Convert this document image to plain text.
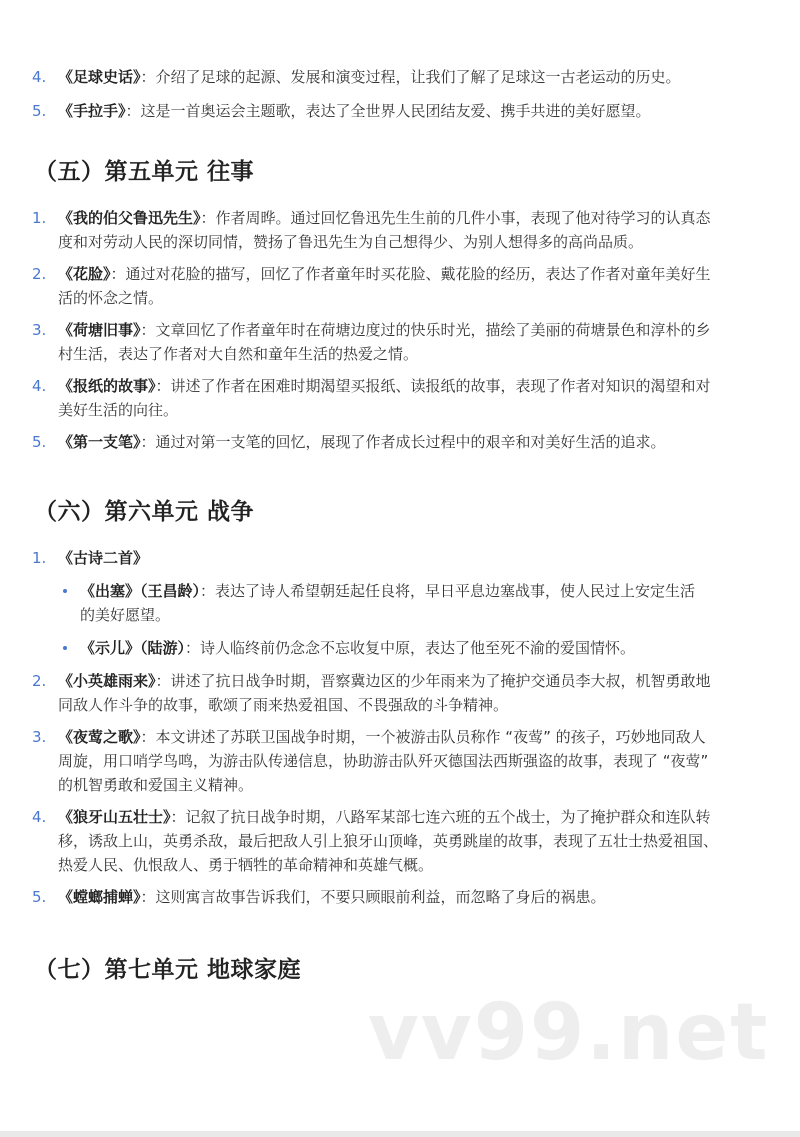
4. 《足球史话》：介绍了足球的起源、发展和演变过程，让我们了解了足球这一古老运动的历史。
5. 《手拉手》：这是一首奥运会主题歌，表达了全世界人民团结友爱、携手共进的美好愿望。
（五）第五单元 往事
1. 《我的伯父鲁迅先生》：作者周晔。通过回忆鲁迅先生生前的几件小事，表现了他对待学习的认真态
度和对劳动人民的深切同情，赞扬了鲁迅先生为自己想得少、为别人想得多的高尚品质。
2. 《花脸》：通过对花脸的描写，回忆了作者童年时买花脸、戴花脸的经历，表达了作者对童年美好生
活的怀念之情。
3. 《荷塘旧事》：文章回忆了作者童年时在荷塘边度过的快乐时光，描绘了美丽的荷塘景色和淳朴的乡
村生活，表达了作者对大自然和童年生活的热爱之情。
4. 《报纸的故事》：讲述了作者在困难时期渴望买报纸、读报纸的故事，表现了作者对知识的渴望和对
美好生活的向往。
5. 《第一支笔》：通过对第一支笔的回忆，展现了作者成长过程中的艰辛和对美好生活的追求。
（六）第六单元 战争
1. 《古诗二首》
《出塞》（王昌龄）：表达了诗人希望朝廷起任良将，早日平息边塞战事，使人民过上安定生活
的美好愿望。
《示儿》（陆游）：诗人临终前仍念念不忘收复中原，表达了他至死不渝的爱国情怀。
2. 《小英雄雨来》：讲述了抗日战争时期，晋察冀边区的少年雨来为了掩护交通员李大叔，机智勇敢地
同敌人作斗争的故事，歌颂了雨来热爱祖国、不畏强敌的斗争精神。
3. 《夜莺之歌》：本文讲述了苏联卫国战争时期，一个被游击队员称作 “夜莺” 的孩子，巧妙地同敌人
周旋，用口哨学鸟鸣，为游击队传递信息，协助游击队歼灭德国法西斯强盗的故事，表现了 “夜莺”
的机智勇敢和爱国主义精神。
4. 《狼牙山五壮士》：记叙了抗日战争时期，八路军某部七连六班的五个战士，为了掩护群众和连队转
移，诱敌上山，英勇杀敌，最后把敌人引上狼牙山顶峰，英勇跳崖的故事，表现了五壮士热爱祖国、
热爱人民、仇恨敌人、勇于牺牲的革命精神和英雄气概。
5. 《螳螂捕蝉》：这则寓言故事告诉我们，不要只顾眼前利益，而忽略了身后的祸患。
（七）第七单元 地球家庭
vv99.net
